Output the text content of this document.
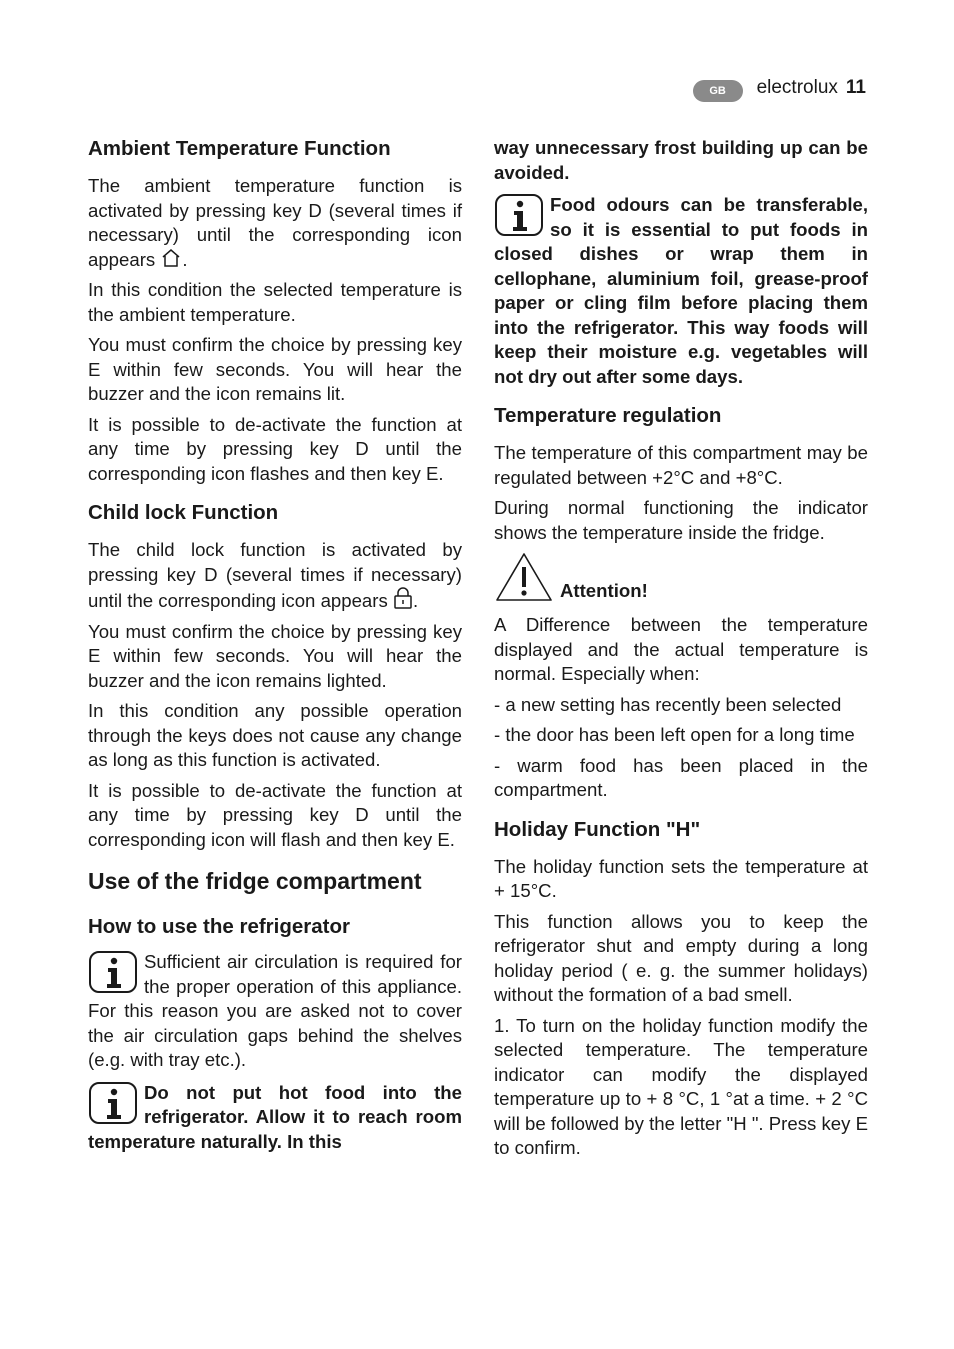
GB	electrolux 11
Ambient Temperature Function

The ambient temperature function is activated by pressing key D (several times if necessary) until the corresponding icon appears .

In this condition the selected temperature is the ambient temperature.

You must confirm the choice by pressing key E within few seconds. You will hear the buzzer and the icon remains lit.

It is possible to de-activate the function at any time by pressing key D until the corresponding icon flashes and then key E.

Child lock Function

The child lock function is activated by pressing key D (several times if necessary) until the corresponding icon appears .

You must confirm the choice by pressing key E within few seconds. You will hear the buzzer and the icon remains lighted.

In this condition any possible operation through the keys does not cause any change as long as this function is activated.

It is possible to de-activate the function at any time by pressing key D until the corresponding icon will flash and then key E.

Use of the fridge compartment
How to use the refrigerator

Sufficient air circulation is required for the proper operation of this appliance. For this reason you are asked not to cover the air circulation gaps behind the shelves (e.g. with tray etc.).

Do not put hot food into the refrigerator. Allow it to reach room temperature naturally. In this

way unnecessary frost building up can be avoided.

Food odours can be transferable, so it is essential to put foods in closed dishes or wrap them in cellophane, aluminium foil, grease-proof paper or cling film before placing them into the refrigerator. This way foods will keep their moisture e.g. vegetables will not dry out after some days.

Temperature regulation

The temperature of this compartment may be regulated between +2°C and +8°C.

During normal functioning the indicator shows the temperature inside the fridge.

Attention!

A Difference between the temperature displayed and the actual temperature is normal. Especially when:

- a new setting has recently been selected

- the door has been left open for a long time

- warm food has been placed in the compartment.

Holiday Function "H"

The holiday function sets the temperature at + 15°C.

This function allows you to keep the refrigerator shut and empty during a long holiday period ( e. g. the summer holidays) without the formation of a bad smell.

1. To turn on the holiday function modify the selected temperature. The temperature indicator can modify the displayed temperature up to + 8 °C, 1 °at a time. + 2 °C will be followed by the letter "H ". Press key E to confirm.
